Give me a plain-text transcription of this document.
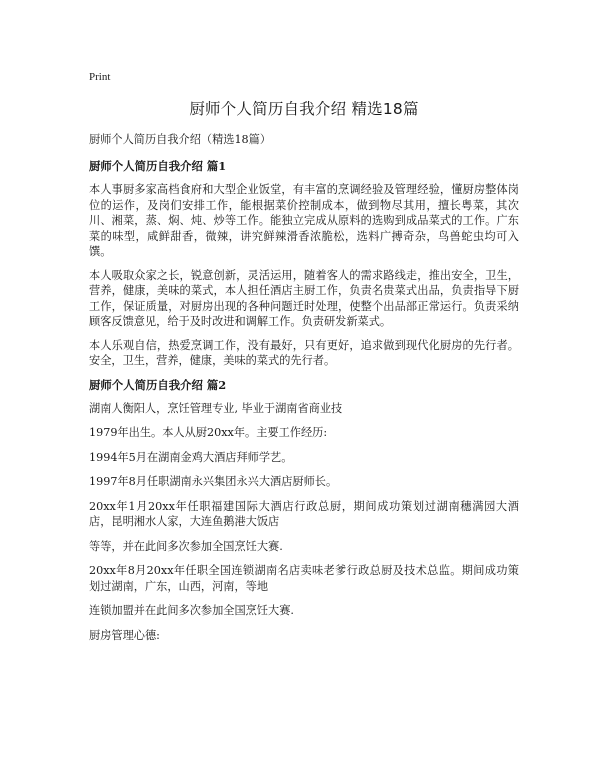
Print
厨师个人简历自我介绍 精选18篇

厨师个人简历自我介绍（精选18篇）

厨师个人简历自我介绍 篇1

本人事厨多家高档食府和大型企业饭堂，有丰富的烹调经验及管理经验，懂厨房整体岗位的运作，及岗们安排工作，能根据菜价控制成本，做到物尽其用，擅长粤菜，其次川、湘菜，蒸、焖、炖、炒等工作。能独立完成从原料的选购到成品菜式的工作。广东菜的味型，咸鲜甜香，微辣，讲究鲜辣滑香浓脆松，选料广搏奇杂，鸟兽蛇虫均可入馔。

本人吸取众家之长，锐意创新，灵活运用，随着客人的需求路线走，推出安全，卫生，营养，健康，美味的菜式，本人担任酒店主厨工作，负责名贵菜式出品，负责指导下厨工作，保证质量，对厨房出现的各种问题迁时处理，使整个出品部正常运行。负责采纳顾客反馈意见，给于及时改进和调解工作。负责研发新菜式。

本人乐观自信，热爱烹调工作，没有最好，只有更好，追求做到现代化厨房的先行者。安全，卫生，营养，健康，美味的菜式的先行者。

厨师个人简历自我介绍 篇2

湖南人衡阳人，烹饪管理专业, 毕业于湖南省商业技

1979年出生。本人从厨20xx年。主要工作经历:

1994年5月在湖南金鸡大酒店拜师学艺。

1997年8月任职湖南永兴集团永兴大酒店厨师长。

20xx年1月20xx年任职福建国际大酒店行政总厨，期间成功策划过湖南穗满园大酒店，昆明湘水人家，大连鱼鹅港大饭店

等等，并在此间多次参加全国烹饪大赛.

20xx年8月20xx年任职全国连锁湖南名店卖味老爹行政总厨及技术总监。期间成功策划过湖南，广东，山西，河南，等地

连锁加盟并在此间多次参加全国烹饪大赛.

厨房管理心德:
